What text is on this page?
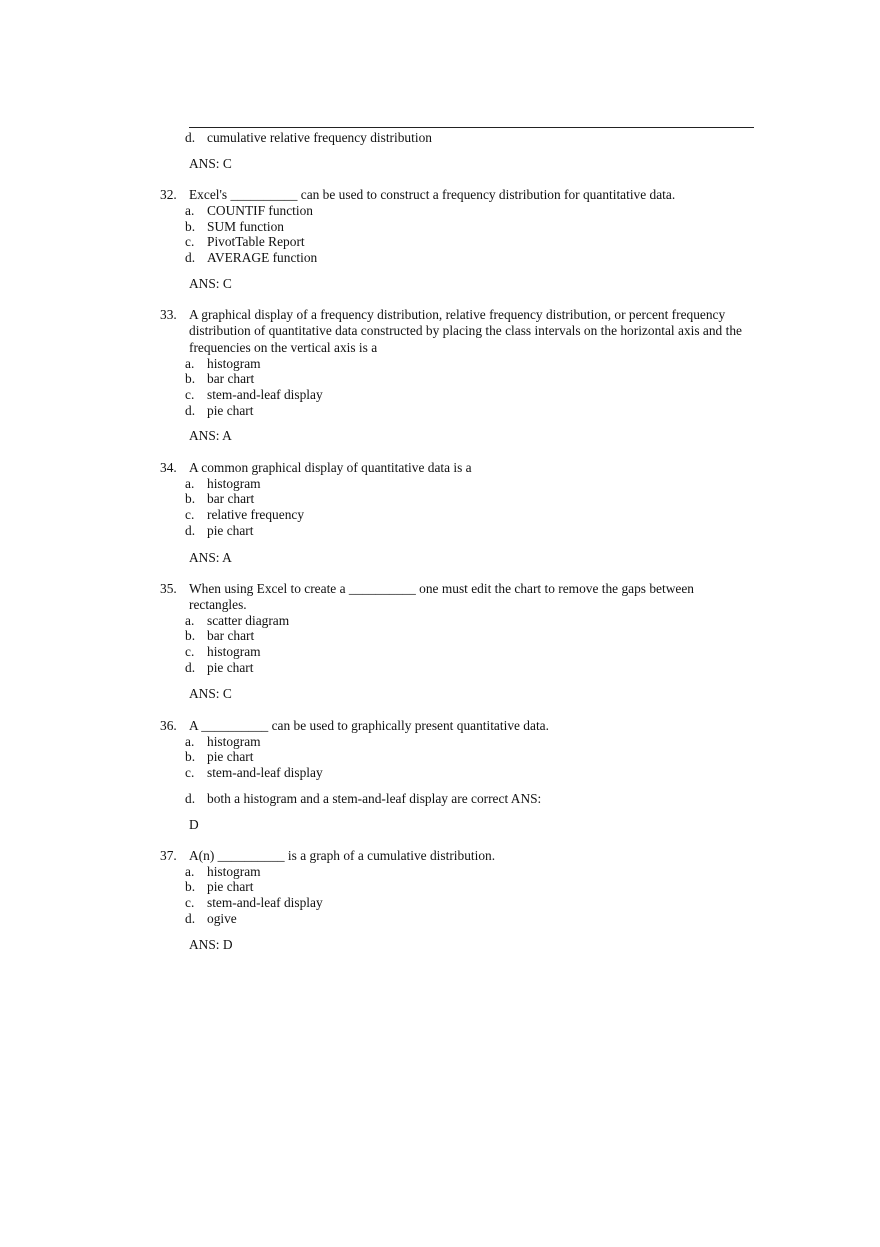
d. cumulative relative frequency distribution
ANS: C
32. Excel's __________ can be used to construct a frequency distribution for quantitative data.
a. COUNTIF function
b. SUM function
c. PivotTable Report
d. AVERAGE function
ANS: C
33. A graphical display of a frequency distribution, relative frequency distribution, or percent frequency
distribution of quantitative data constructed by placing the class intervals on the horizontal axis and the
frequencies on the vertical axis is a
a. histogram
b. bar chart
c. stem-and-leaf display
d. pie chart
ANS: A
34. A common graphical display of quantitative data is a
a. histogram
b. bar chart
c. relative frequency
d. pie chart
ANS: A
35. When using Excel to create a __________ one must edit the chart to remove the gaps between
rectangles.
a. scatter diagram
b. bar chart
c. histogram
d. pie chart
ANS: C
36. A __________ can be used to graphically present quantitative data.
a. histogram
b. pie chart
c. stem-and-leaf display
d. both a histogram and a stem-and-leaf display are correct ANS:
D
37. A(n) __________ is a graph of a cumulative distribution.
a. histogram
b. pie chart
c. stem-and-leaf display
d. ogive
ANS: D
